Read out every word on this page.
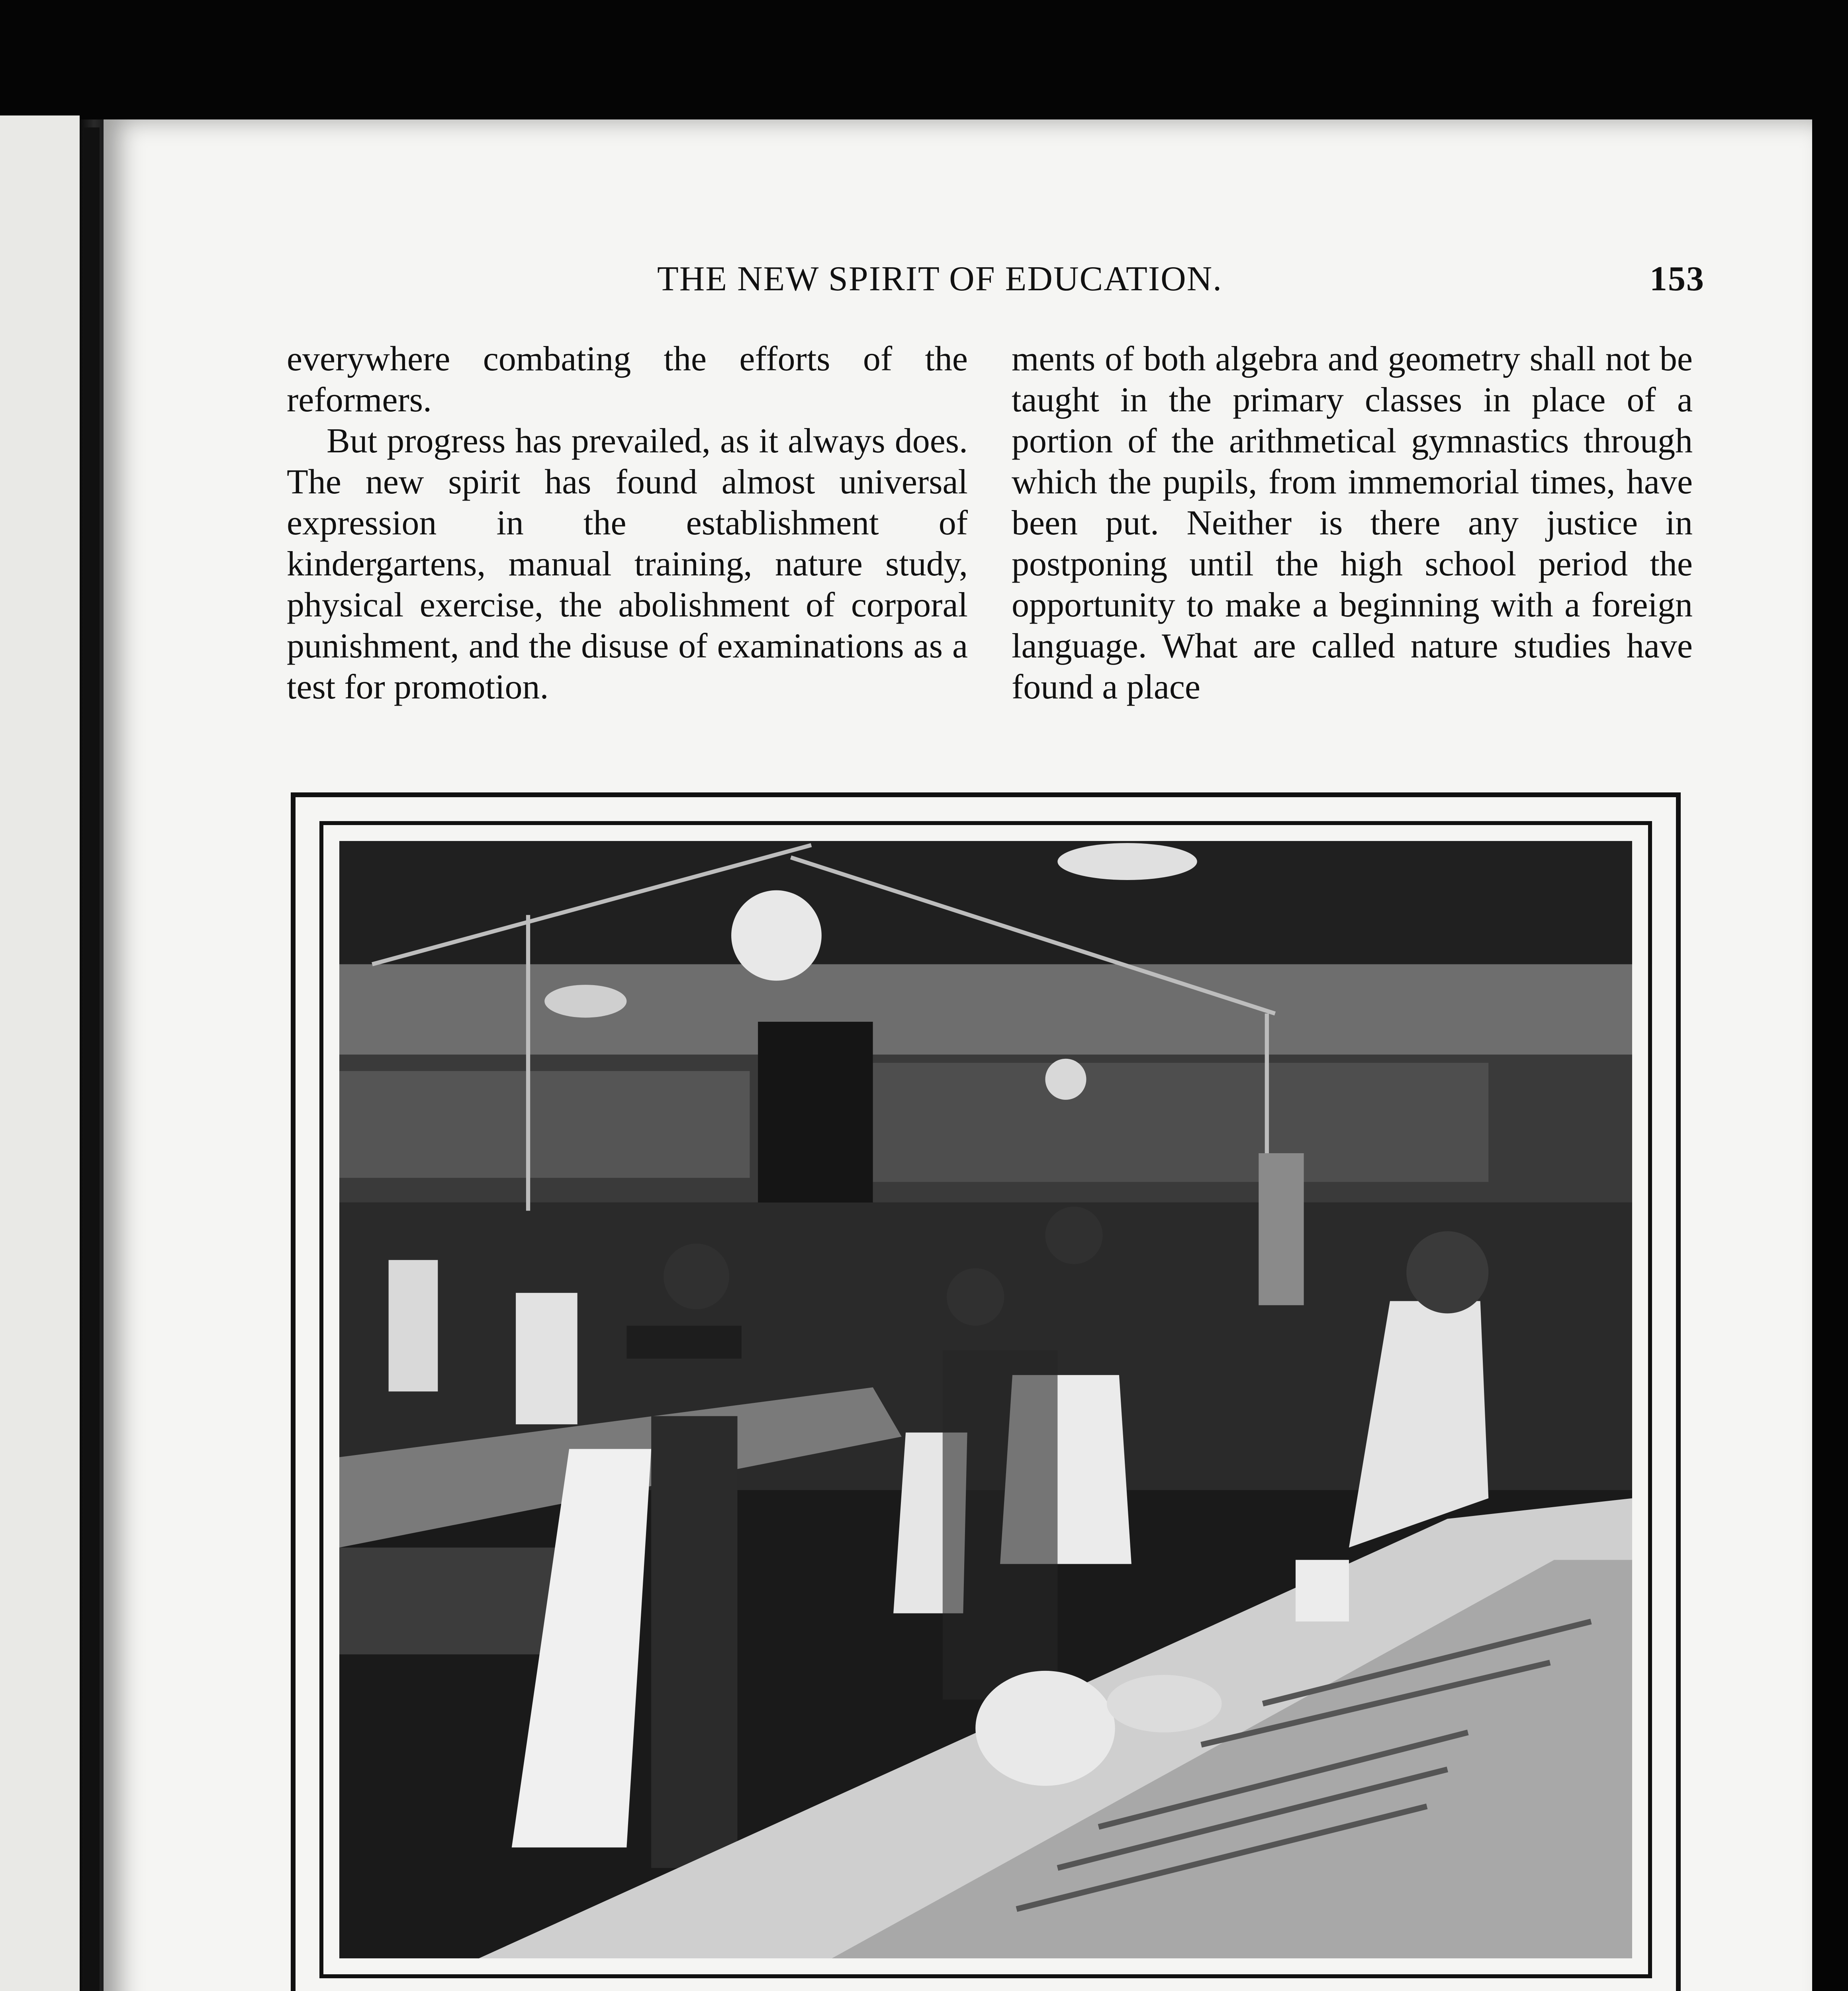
THE NEW SPIRIT OF EDUCATION.	153

everywhere combating the efforts of the reformers.

But progress has prevailed, as it always does. The new spirit has found almost universal expression in the establishment of kindergartens, manual training, nature study, physical exercise, the abolishment of corporal punishment, and the disuse of examinations as a test for promotion.

ments of both algebra and geometry shall not be taught in the primary classes in place of a portion of the arithmetical gymnastics through which the pupils, from immemorial times, have been put. Neither is there any justice in postponing until the high school period the opportunity to make a beginning with a foreign language. What are called nature studies have found a place
